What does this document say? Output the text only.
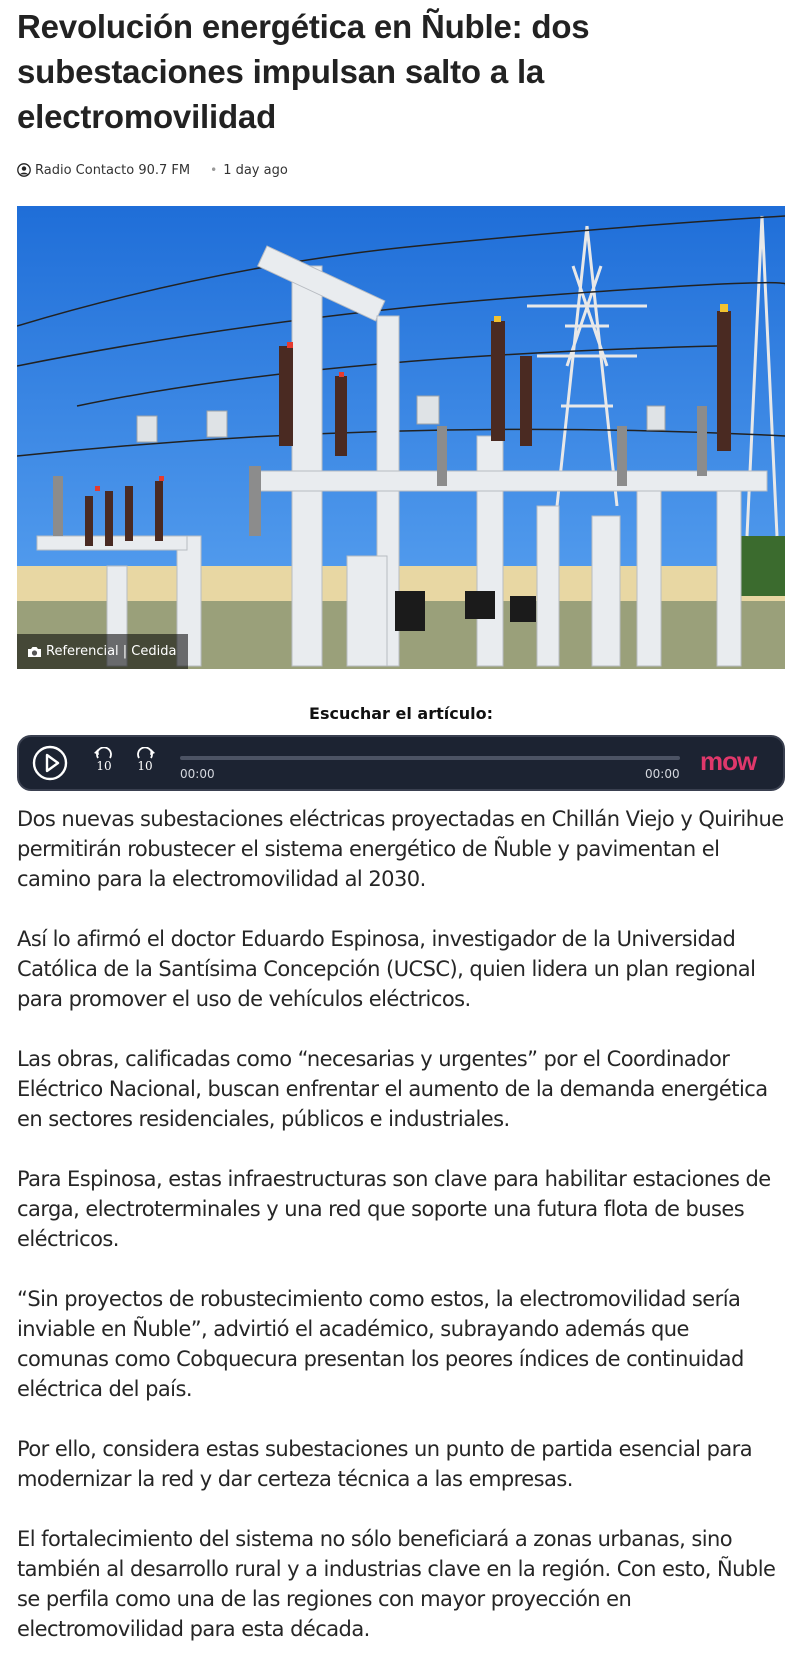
Revolución energética en Ñuble: dos subestaciones impulsan salto a la electromovilidad
Radio Contacto 90.7 FM • 1 day ago
Referencial | Cedida
Escuchar el artículo:
10	10
00:00	00:00 mow

Dos nuevas subestaciones eléctricas proyectadas en Chillán Viejo y Quirihue permitirán robustecer el sistema energético de Ñuble y pavimentan el camino para la electromovilidad al 2030.

Así lo afirmó el doctor Eduardo Espinosa, investigador de la Universidad Católica de la Santísima Concepción (UCSC), quien lidera un plan regional para promover el uso de vehículos eléctricos.

Las obras, calificadas como “necesarias y urgentes” por el Coordinador Eléctrico Nacional, buscan enfrentar el aumento de la demanda energética en sectores residenciales, públicos e industriales.

Para Espinosa, estas infraestructuras son clave para habilitar estaciones de carga, electroterminales y una red que soporte una futura flota de buses eléctricos.

“Sin proyectos de robustecimiento como estos, la electromovilidad sería inviable en Ñuble”, advirtió el académico, subrayando además que comunas como Cobquecura presentan los peores índices de continuidad eléctrica del país.

Por ello, considera estas subestaciones un punto de partida esencial para modernizar la red y dar certeza técnica a las empresas.

El fortalecimiento del sistema no sólo beneficiará a zonas urbanas, sino también al desarrollo rural y a industrias clave en la región. Con esto, Ñuble se perfila como una de las regiones con mayor proyección en electromovilidad para esta década.
